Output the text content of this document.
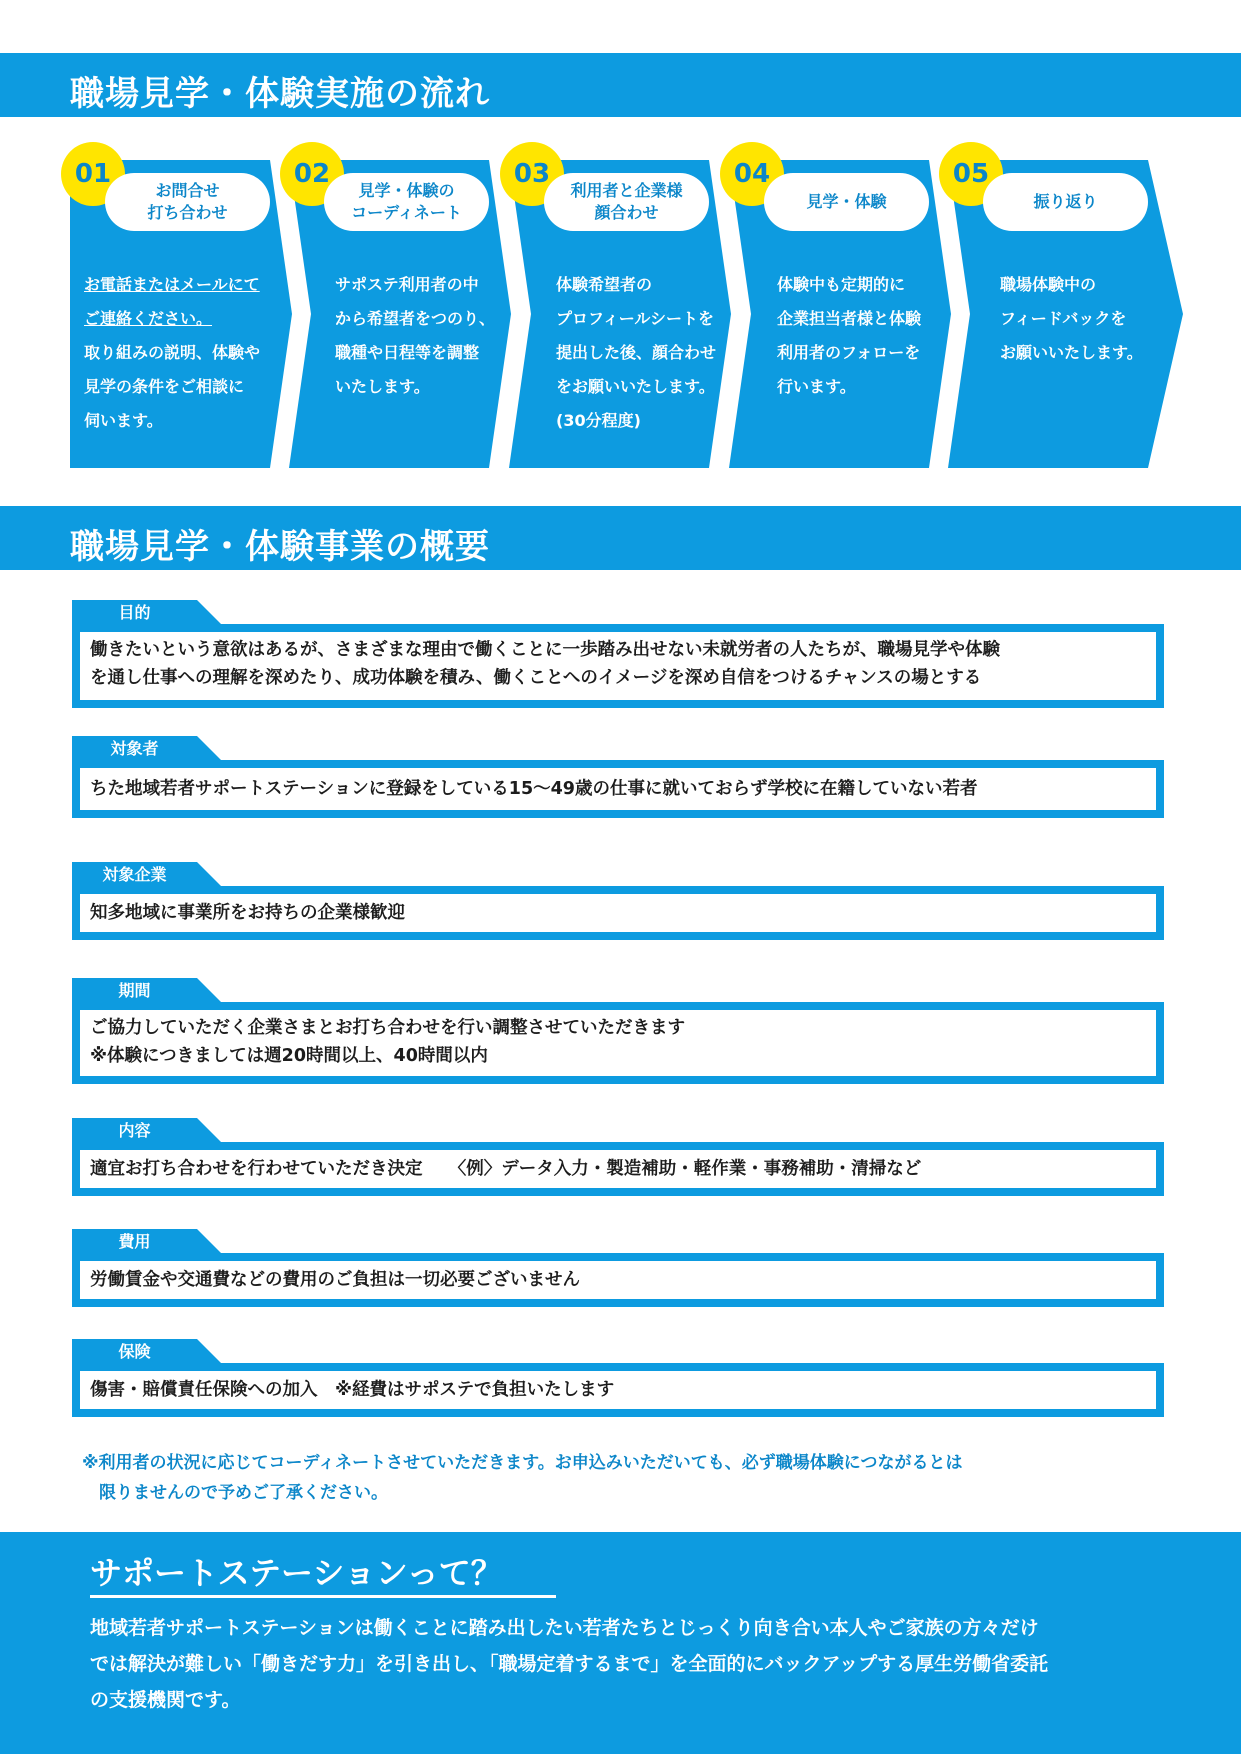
職場見学・体験実施の流れ
01
お問合せ
打ち合わせ
お電話またはメールにて
ご連絡ください。
取り組みの説明、体験や
見学の条件をご相談に
伺います。
02
見学・体験の
コーディネート
サポステ利用者の中
から希望者をつのり、
職種や日程等を調整
いたします。
03
利用者と企業様
顔合わせ
体験希望者の
プロフィールシートを
提出した後、顔合わせ
をお願いいたします。
(30分程度)
04
見学・体験
体験中も定期的に
企業担当者様と体験
利用者のフォローを
行います。
05
振り返り
職場体験中の
フィードバックを
お願いいたします。
職場見学・体験事業の概要
目的
働きたいという意欲はあるが、さまざまな理由で働くことに一歩踏み出せない未就労者の人たちが、職場見学や体験
を通し仕事への理解を深めたり、成功体験を積み、働くことへのイメージを深め自信をつけるチャンスの場とする
対象者
ちた地域若者サポートステーションに登録をしている15～49歳の仕事に就いておらず学校に在籍していない若者
対象企業
知多地域に事業所をお持ちの企業様歓迎
期間
ご協力していただく企業さまとお打ち合わせを行い調整させていただきます
※体験につきましては週20時間以上、40時間以内
内容
適宜お打ち合わせを行わせていただき決定　　〈例〉データ入力・製造補助・軽作業・事務補助・清掃など
費用
労働賃金や交通費などの費用のご負担は一切必要ございません
保険
傷害・賠償責任保険への加入　※経費はサポステで負担いたします
※利用者の状況に応じてコーディネートさせていただきます。お申込みいただいても、必ず職場体験につながるとは
　限りませんので予めご了承ください。
サポートステーションって？
地域若者サポートステーションは働くことに踏み出したい若者たちとじっくり向き合い本人やご家族の方々だけ
では解決が難しい「働きだす力」を引き出し、「職場定着するまで」を全面的にバックアップする厚生労働省委託
の支援機関です。
